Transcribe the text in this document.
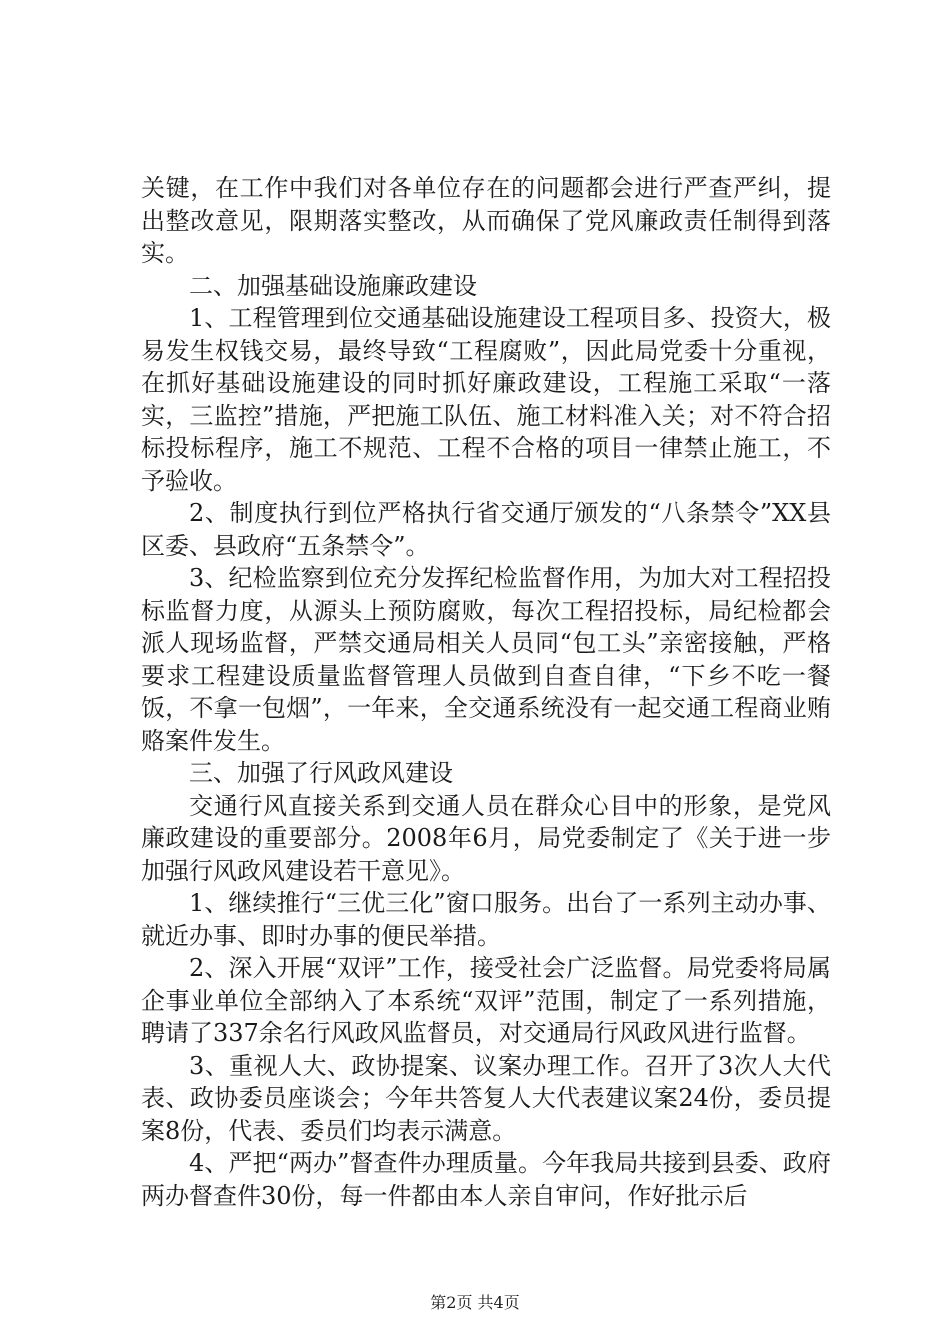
关键，在工作中我们对各单位存在的问题都会进行严查严纠，提出整改意见，限期落实整改，从而确保了党风廉政责任制得到落实。

二、加强基础设施廉政建设

1、工程管理到位交通基础设施建设工程项目多、投资大，极易发生权钱交易，最终导致“工程腐败”，因此局党委十分重视，在抓好基础设施建设的同时抓好廉政建设，工程施工采取“一落实，三监控”措施，严把施工队伍、施工材料准入关；对不符合招标投标程序，施工不规范、工程不合格的项目一律禁止施工，不予验收。

2、制度执行到位严格执行省交通厅颁发的“八条禁令”XX县区委、县政府“五条禁令”。

3、纪检监察到位充分发挥纪检监督作用，为加大对工程招投标监督力度，从源头上预防腐败，每次工程招投标，局纪检都会派人现场监督，严禁交通局相关人员同“包工头”亲密接触，严格要求工程建设质量监督管理人员做到自查自律，“下乡不吃一餐饭，不拿一包烟”，一年来，全交通系统没有一起交通工程商业贿赂案件发生。

三、加强了行风政风建设

交通行风直接关系到交通人员在群众心目中的形象，是党风廉政建设的重要部分。2008年6月，局党委制定了《关于进一步加强行风政风建设若干意见》。

1、继续推行“三优三化”窗口服务。出台了一系列主动办事、就近办事、即时办事的便民举措。

2、深入开展“双评”工作，接受社会广泛监督。局党委将局属企事业单位全部纳入了本系统“双评”范围，制定了一系列措施，聘请了337余名行风政风监督员，对交通局行风政风进行监督。

3、重视人大、政协提案、议案办理工作。召开了3次人大代表、政协委员座谈会；今年共答复人大代表建议案24份，委员提案8份，代表、委员们均表示满意。

4、严把“两办”督查件办理质量。今年我局共接到县委、政府两办督查件30份，每一件都由本人亲自审问，作好批示后

第2页 共4页
